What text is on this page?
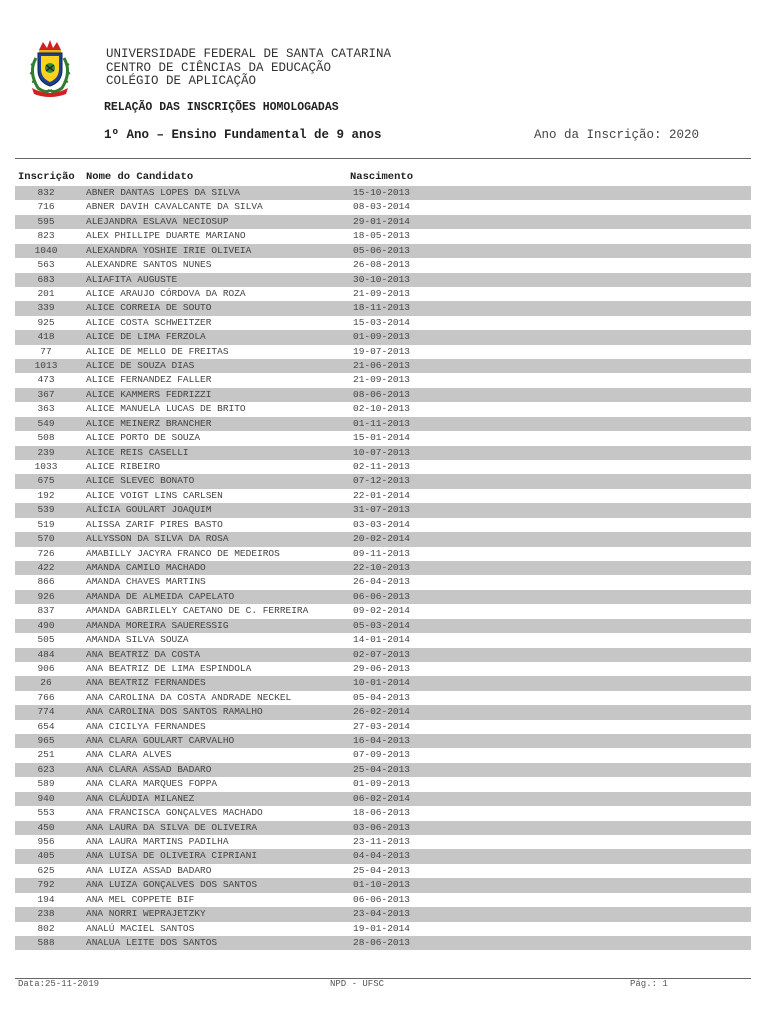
UNIVERSIDADE FEDERAL DE SANTA CATARINA
CENTRO DE CIÊNCIAS DA EDUCAÇÃO
COLÉGIO DE APLICAÇÃO
RELAÇÃO DAS INSCRIÇÕES HOMOLOGADAS
1º Ano – Ensino Fundamental de 9 anos	Ano da Inscrição: 2020
Inscrição Nome do Candidato	Nascimento
832	ABNER DANTAS LOPES DA SILVA	15-10-2013
716	ABNER DAVIH CAVALCANTE DA SILVA	08-03-2014
595	ALEJANDRA ESLAVA NECIOSUP	29-01-2014
823	ALEX PHILLIPE DUARTE MARIANO	18-05-2013
1040	ALEXANDRA YOSHIE IRIE OLIVEIA	05-06-2013
563	ALEXANDRE SANTOS NUNES	26-08-2013
683	ALIAFITA AUGUSTE	30-10-2013
201	ALICE ARAUJO CÓRDOVA DA ROZA	21-09-2013
339	ALICE CORREIA DE SOUTO	18-11-2013
925	ALICE COSTA SCHWEITZER	15-03-2014
418	ALICE DE LIMA FERZOLA	01-09-2013
77	ALICE DE MELLO DE FREITAS	19-07-2013
1013	ALICE DE SOUZA DIAS	21-06-2013
473	ALICE FERNANDEZ FALLER	21-09-2013
367	ALICE KAMMERS FEDRIZZI	08-06-2013
363	ALICE MANUELA LUCAS DE BRITO	02-10-2013
549	ALICE MEINERZ BRANCHER	01-11-2013
508	ALICE PORTO DE SOUZA	15-01-2014
239	ALICE REIS CASELLI	10-07-2013
1033	ALICE RIBEIRO	02-11-2013
675	ALICE SLEVEC BONATO	07-12-2013
192	ALICE VOIGT LINS CARLSEN	22-01-2014
539	ALÍCIA GOULART JOAQUIM	31-07-2013
519	ALISSA ZARIF PIRES BASTO	03-03-2014
570	ALLYSSON DA SILVA DA ROSA	20-02-2014
726	AMABILLY JACYRA FRANCO DE MEDEIROS	09-11-2013
422	AMANDA CAMILO MACHADO	22-10-2013
866	AMANDA CHAVES MARTINS	26-04-2013
926	AMANDA DE ALMEIDA CAPELATO	06-06-2013
837	AMANDA GABRILELY CAETANO DE C. FERREIRA	09-02-2014
490	AMANDA MOREIRA SAUERESSIG	05-03-2014
505	AMANDA SILVA SOUZA	14-01-2014
484	ANA BEATRIZ DA COSTA	02-07-2013
906	ANA BEATRIZ DE LIMA ESPINDOLA	29-06-2013
26	ANA BEATRIZ FERNANDES	10-01-2014
766	ANA CAROLINA DA COSTA ANDRADE NECKEL	05-04-2013
774	ANA CAROLINA DOS SANTOS RAMALHO	26-02-2014
654	ANA CICILYA FERNANDES	27-03-2014
965	ANA CLARA GOULART CARVALHO	16-04-2013
251	ANA CLARA ALVES	07-09-2013
623	ANA CLARA ASSAD BADARO	25-04-2013
589	ANA CLARA MARQUES FOPPA	01-09-2013
940	ANA CLÁUDIA MILANEZ	06-02-2014
553	ANA FRANCISCA GONÇALVES MACHADO	18-06-2013
450	ANA LAURA DA SILVA DE OLIVEIRA	03-06-2013
956	ANA LAURA MARTINS PADILHA	23-11-2013
405	ANA LUISA DE OLIVEIRA CIPRIANI	04-04-2013
625	ANA LUIZA ASSAD BADARO	25-04-2013
792	ANA LUIZA GONÇALVES DOS SANTOS	01-10-2013
194	ANA MEL COPPETE BIF	06-06-2013
238	ANA NORRI WEPRAJETZKY	23-04-2013
802	ANALÚ MACIEL SANTOS	19-01-2014
588	ANALUA LEITE DOS SANTOS	28-06-2013
Data:25-11-2019	NPD - UFSC	Pág.: 1
